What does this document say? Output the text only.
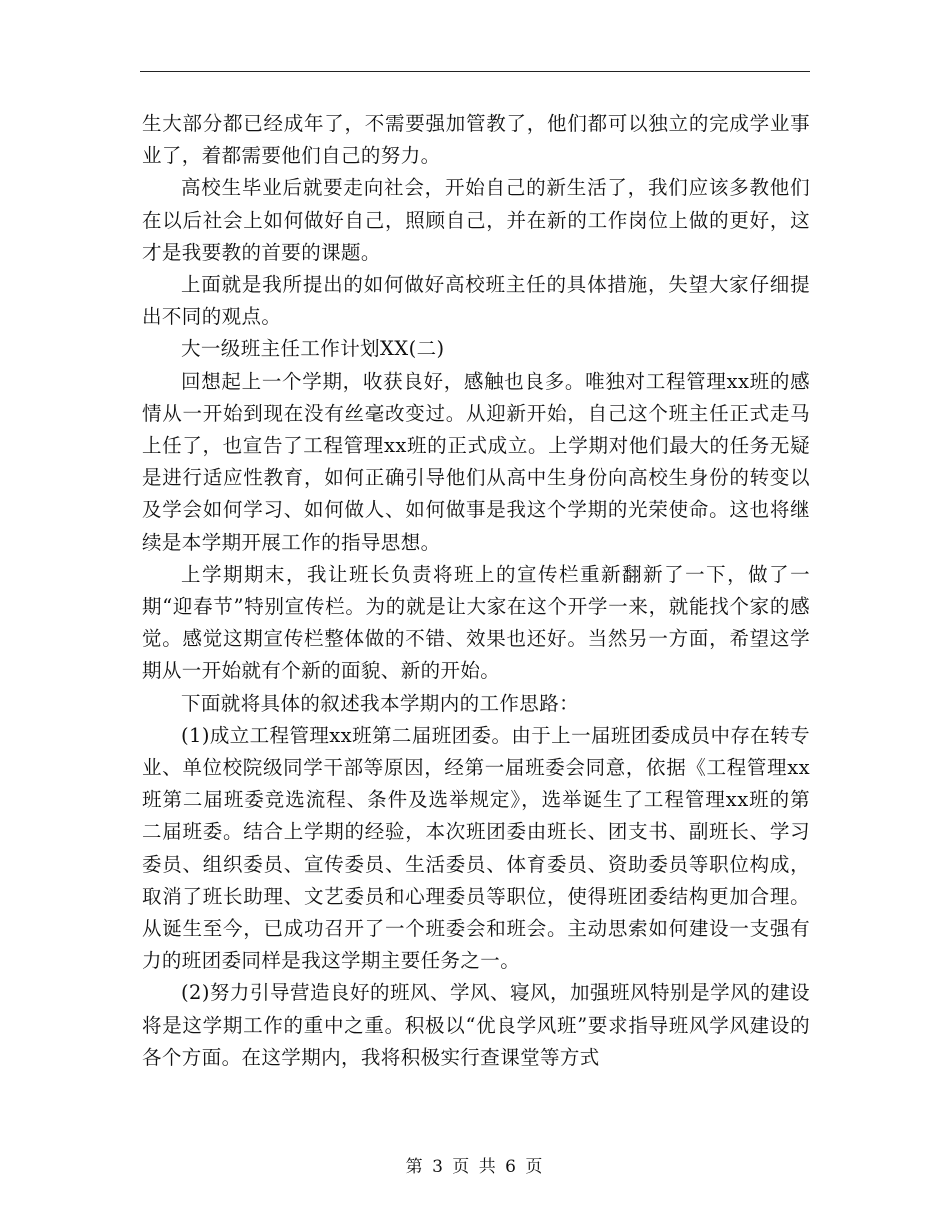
生大部分都已经成年了，不需要强加管教了，他们都可以独立的完成学业事业了，着都需要他们自己的努力。

高校生毕业后就要走向社会，开始自己的新生活了，我们应该多教他们在以后社会上如何做好自己，照顾自己，并在新的工作岗位上做的更好，这才是我要教的首要的课题。

上面就是我所提出的如何做好高校班主任的具体措施，失望大家仔细提出不同的观点。

大一级班主任工作计划XX(二)

回想起上一个学期，收获良好，感触也良多。唯独对工程管理xx班的感情从一开始到现在没有丝毫改变过。从迎新开始，自己这个班主任正式走马上任了，也宣告了工程管理xx班的正式成立。上学期对他们最大的任务无疑是进行适应性教育，如何正确引导他们从高中生身份向高校生身份的转变以及学会如何学习、如何做人、如何做事是我这个学期的光荣使命。这也将继续是本学期开展工作的指导思想。

上学期期末，我让班长负责将班上的宣传栏重新翻新了一下，做了一期“迎春节”特别宣传栏。为的就是让大家在这个开学一来，就能找个家的感觉。感觉这期宣传栏整体做的不错、效果也还好。当然另一方面，希望这学期从一开始就有个新的面貌、新的开始。

下面就将具体的叙述我本学期内的工作思路：

(1)成立工程管理xx班第二届班团委。由于上一届班团委成员中存在转专业、单位校院级同学干部等原因，经第一届班委会同意，依据《工程管理xx班第二届班委竞选流程、条件及选举规定》，选举诞生了工程管理xx班的第二届班委。结合上学期的经验，本次班团委由班长、团支书、副班长、学习委员、组织委员、宣传委员、生活委员、体育委员、资助委员等职位构成，取消了班长助理、文艺委员和心理委员等职位，使得班团委结构更加合理。从诞生至今，已成功召开了一个班委会和班会。主动思索如何建设一支强有力的班团委同样是我这学期主要任务之一。

(2)努力引导营造良好的班风、学风、寝风，加强班风特别是学风的建设将是这学期工作的重中之重。积极以“优良学风班”要求指导班风学风建设的各个方面。在这学期内，我将积极实行查课堂等方式

第 3 页 共 6 页
